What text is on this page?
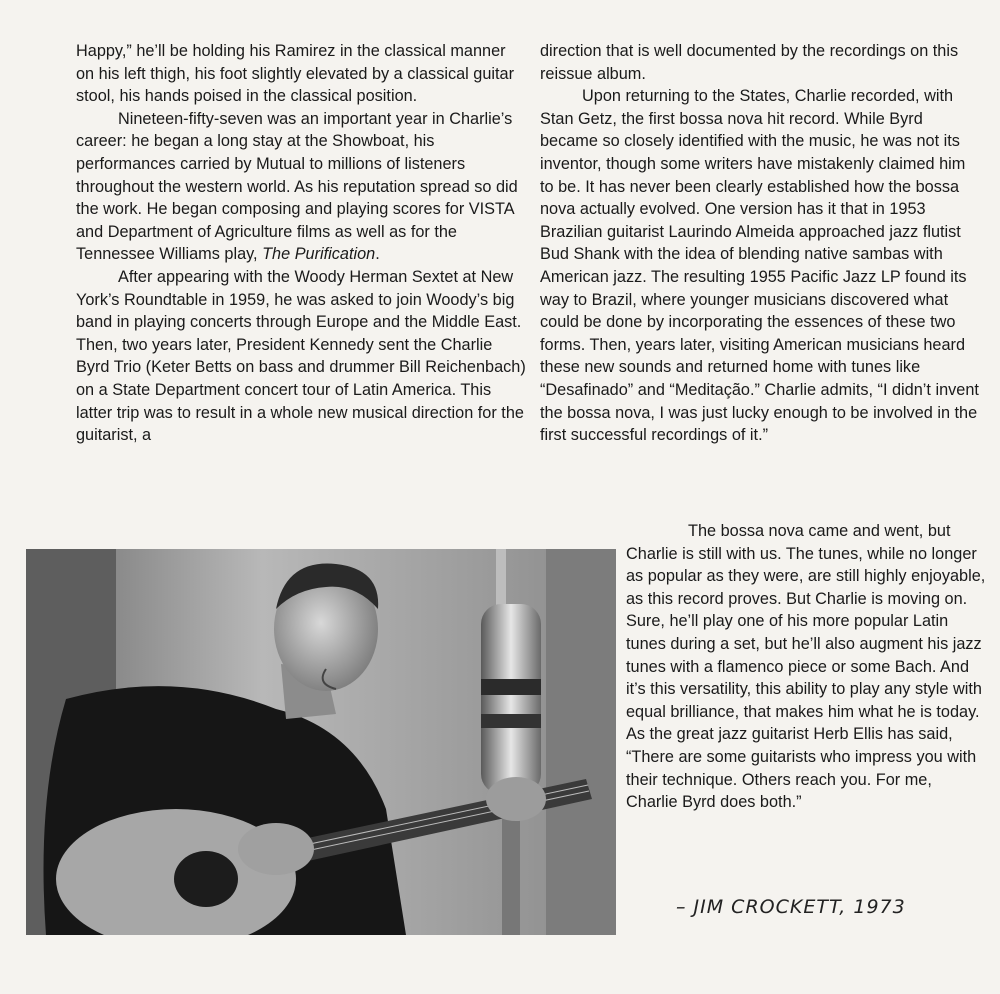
Happy,” he’ll be holding his Ramirez in the classical manner on his left thigh, his foot slightly elevated by a classical guitar stool, his hands poised in the classical position.

Nineteen-fifty-seven was an important year in Charlie’s career: he began a long stay at the Showboat, his performances carried by Mutual to millions of listeners throughout the western world. As his reputation spread so did the work. He began composing and playing scores for VISTA and Department of Agriculture films as well as for the Tennessee Williams play, The Purification.

After appearing with the Woody Herman Sextet at New York’s Roundtable in 1959, he was asked to join Woody’s big band in playing concerts through Europe and the Middle East. Then, two years later, President Kennedy sent the Charlie Byrd Trio (Keter Betts on bass and drummer Bill Reichenbach) on a State Department concert tour of Latin America. This latter trip was to result in a whole new musical direction for the guitarist, a

direction that is well documented by the recordings on this reissue album.

Upon returning to the States, Charlie recorded, with Stan Getz, the first bossa nova hit record. While Byrd became so closely identified with the music, he was not its inventor, though some writers have mistakenly claimed him to be. It has never been clearly established how the bossa nova actually evolved. One version has it that in 1953 Brazilian guitarist Laurindo Almeida approached jazz flutist Bud Shank with the idea of blending native sambas with American jazz. The resulting 1955 Pacific Jazz LP found its way to Brazil, where younger musicians discovered what could be done by incorporating the essences of these two forms. Then, years later, visiting American musicians heard these new sounds and returned home with tunes like “Desafinado” and “Meditação.” Charlie admits, “I didn’t invent the bossa nova, I was just lucky enough to be involved in the first successful recordings of it.”

The bossa nova came and went, but Charlie is still with us. The tunes, while no longer as popular as they were, are still highly enjoyable, as this record proves. But Charlie is moving on. Sure, he’ll play one of his more popular Latin tunes during a set, but he’ll also augment his jazz tunes with a flamenco piece or some Bach. And it’s this versatility, this ability to play any style with equal brilliance, that makes him what he is today. As the great jazz guitarist Herb Ellis has said, “There are some guitarists who impress you with their technique. Others reach you. For me, Charlie Byrd does both.”

– JIM CROCKETT, 1973
